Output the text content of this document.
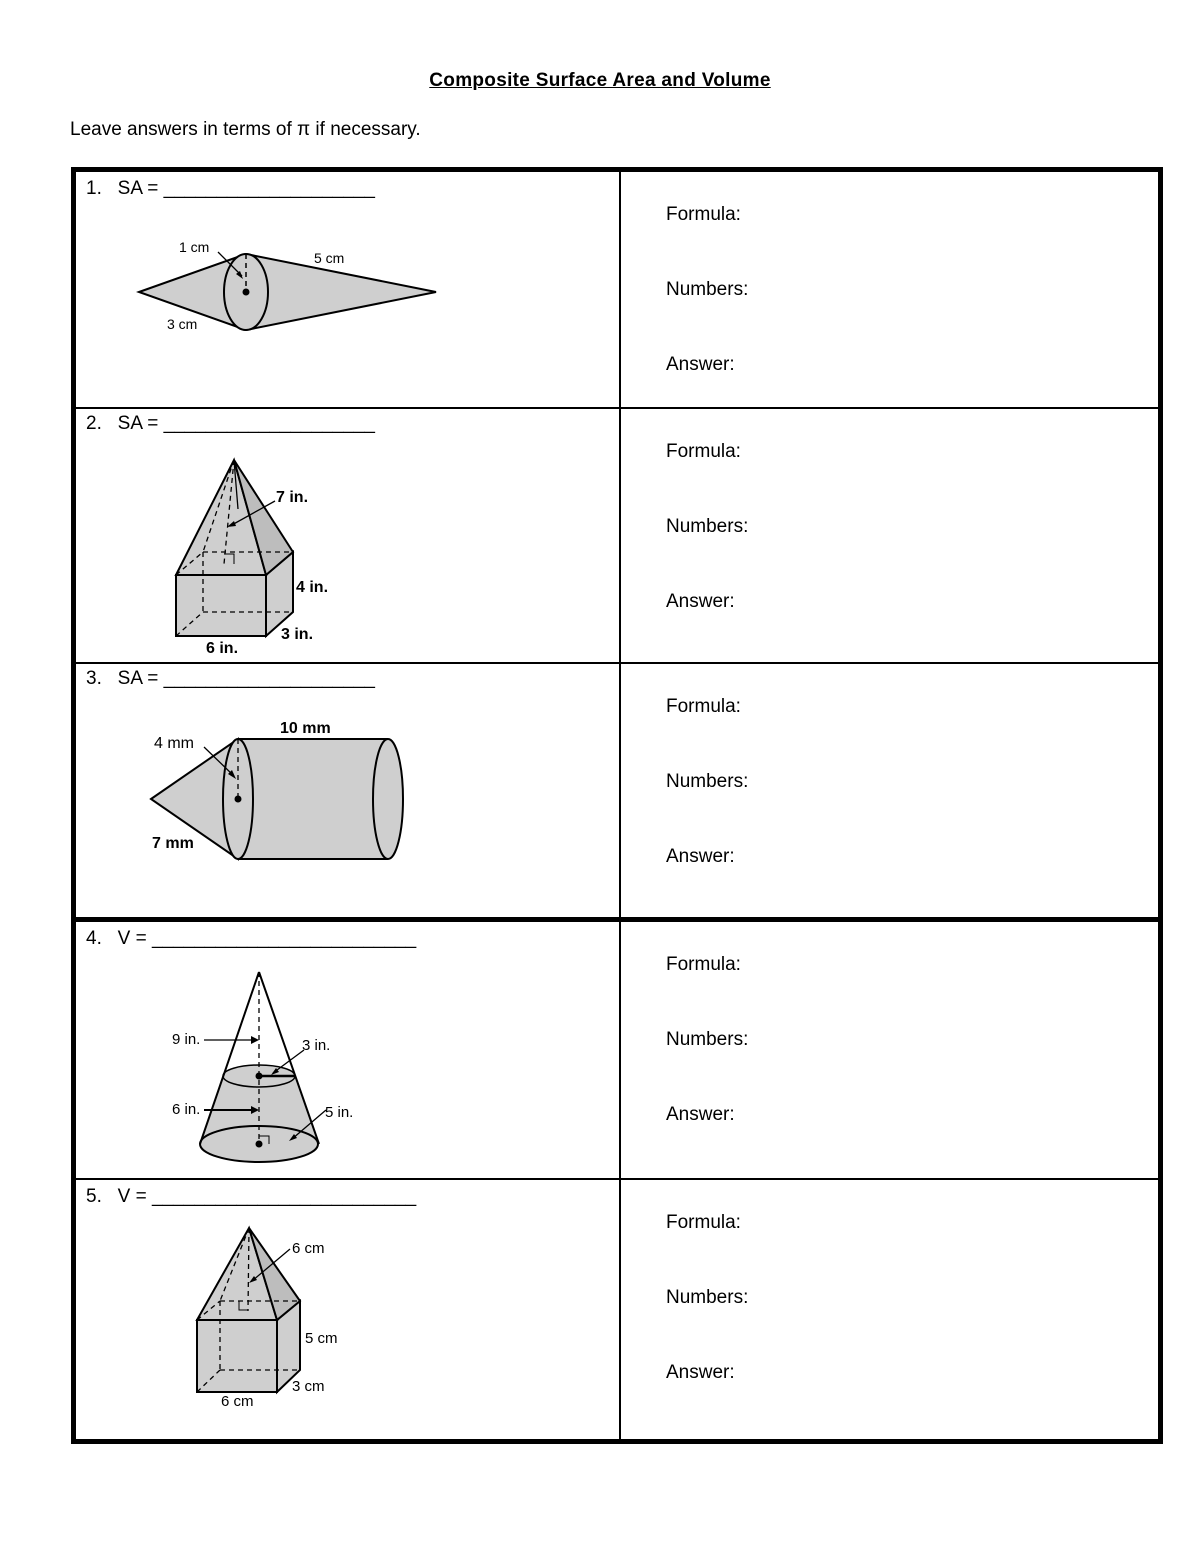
Composite Surface Area and Volume
Leave answers in terms of π if necessary.
1.   SA = ____________________
1 cm
5 cm
3 cm
Formula:
Numbers:
Answer:
2.   SA = ____________________
7 in.
4 in.
3 in.
6 in.
Formula:
Numbers:
Answer:
3.   SA = ____________________
4 mm
10 mm
7 mm
Formula:
Numbers:
Answer:
4.   V = _________________________
9 in.	3 in.
6 in.	5 in.
Formula:
Numbers:
Answer:
5.   V = _________________________
6 cm
5 cm
3 cm
6 cm
Formula:
Numbers:
Answer:
